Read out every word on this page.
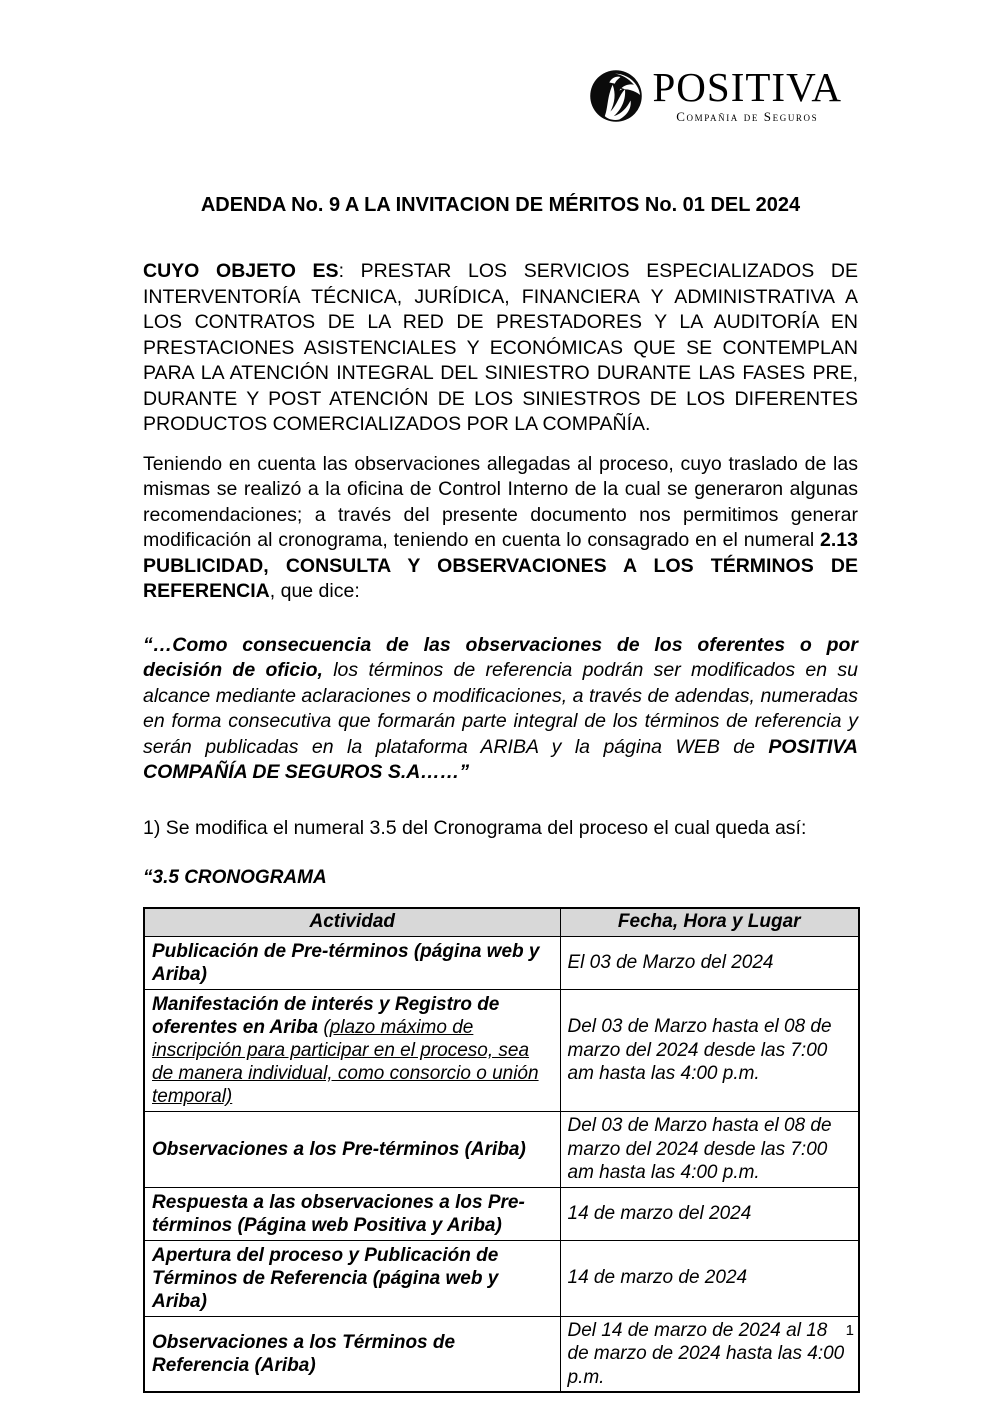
POSITIVA
Compañia de Seguros
ADENDA No. 9 A LA INVITACION DE MÉRITOS No. 01 DEL 2024

CUYO OBJETO ES: PRESTAR LOS SERVICIOS ESPECIALIZADOS DE INTERVENTORÍA TÉCNICA, JURÍDICA, FINANCIERA Y ADMINISTRATIVA A LOS CONTRATOS DE LA RED DE PRESTADORES Y LA AUDITORÍA EN PRESTACIONES ASISTENCIALES Y ECONÓMICAS QUE SE CONTEMPLAN PARA LA ATENCIÓN INTEGRAL DEL SINIESTRO DURANTE LAS FASES PRE, DURANTE Y POST ATENCIÓN DE LOS SINIESTROS DE LOS DIFERENTES PRODUCTOS COMERCIALIZADOS POR LA COMPAÑÍA.

Teniendo en cuenta las observaciones allegadas al proceso, cuyo traslado de las mismas se realizó a la oficina de Control Interno de la cual se generaron algunas recomendaciones; a través del presente documento nos permitimos generar modificación al cronograma, teniendo en cuenta lo consagrado en el numeral 2.13 PUBLICIDAD, CONSULTA Y OBSERVACIONES A LOS TÉRMINOS DE REFERENCIA, que dice:

“…Como consecuencia de las observaciones de los oferentes o por decisión de oficio, los términos de referencia podrán ser modificados en su alcance mediante aclaraciones o modificaciones, a través de adendas, numeradas en forma consecutiva que formarán parte integral de los términos de referencia y serán publicadas en la plataforma ARIBA y la página WEB de POSITIVA COMPAÑÍA DE SEGUROS S.A……”

1) Se modifica el numeral 3.5 del Cronograma del proceso el cual queda así:

“3.5 CRONOGRAMA

Actividad	Fecha, Hora y Lugar
Publicación de Pre-términos (página web y Ariba)	El 03 de Marzo del 2024
Manifestación de interés y Registro de oferentes en Ariba (plazo máximo de inscripción para participar en el proceso, sea de manera individual, como consorcio o unión temporal)	Del 03 de Marzo hasta el 08 de marzo del 2024 desde las 7:00 am hasta las 4:00 p.m.
Observaciones a los Pre-términos (Ariba)	Del 03 de Marzo hasta el 08 de marzo del 2024 desde las 7:00 am hasta las 4:00 p.m.
Respuesta a las observaciones a los Pre-términos (Página web Positiva y Ariba)	14 de marzo del 2024
Apertura del proceso y Publicación de Términos de Referencia (página web y Ariba)	14 de marzo de 2024
Observaciones a los Términos de Referencia (Ariba)	Del 14 de marzo de 2024 al 18 de marzo de 2024 hasta las 4:00 p.m.
1
